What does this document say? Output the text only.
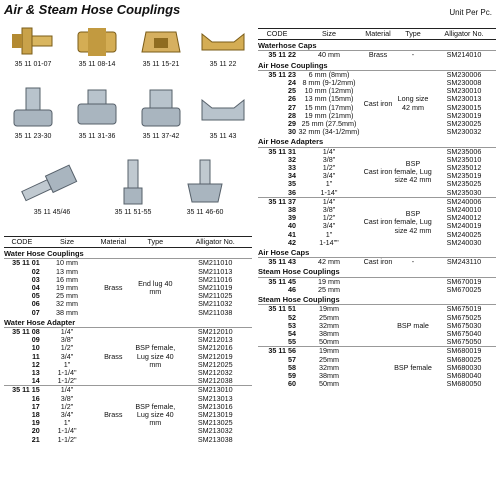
Air & Steam Hose Couplings	Unit Per Pc.
35 11 01-07	35 11 08-14	35 11 15-21	35 11 22
35 11 23-30	35 11 31-36	35 11 37-42	35 11 43
35 11 45/46	35 11 51-55	35 11 46-60
CODE	Size	Material	Type	Alligator No.
Water Hose Couplings				
35 11 01	10 mm	Brass	End lug 40 mm	SM211010
02	13 mm			SM211013
03	16 mm			SM211016
04	19 mm			SM211019
05	25 mm			SM211025
06	32 mm			SM211032
07	38 mm			SM211038
Water Hose Adapter				
35 11 08	1/4"	Brass	BSP female, Lug size 40 mm	SM212010
09	3/8"			SM212013
10	1/2"			SM212016
11	3/4"			SM212019
12	1"			SM212025
13	1-1/4"			SM212032
14	1-1/2"			SM212038
35 11 15	1/4"	Brass	BSP female, Lug size 40 mm	SM213010
16	3/8"			SM213013
17	1/2"			SM213016
18	3/4"			SM213019
19	1"			SM213025
20	1-1/4"			SM213032
21	1-1/2"			SM213038
CODE	Size	Material	Type	Alligator No.
Waterhose Caps				
35 11 22	40 mm	Brass	-	SM214010
Air Hose Couplings				
35 11 23	6 mm (8mm)	Cast iron	Long size 42 mm	SM230006
24	8 mm (9-1/2mm)			SM230008
25	10 mm (12mm)			SM230010
26	13 mm (15mm)			SM230013
27	15 mm (17mm)			SM230015
28	19 mm (21mm)			SM230019
29	25 mm (27.5mm)			SM230025
30	32 mm (34-1/2mm)			SM230032
Air Hose Adapters				
35 11 31	1/4"	Cast iron	BSP female, Lug size 42 mm	SM235006
32	3/8"			SM235010
33	1/2"			SM235012
34	3/4"			SM235019
35	1"			SM235025
36	1-14"			SM235030
35 11 37	1/4"	Cast iron	BSP female, Lug size 42 mm	SM240006
38	3/8"			SM240010
39	1/2"			SM240012
40	3/4"			SM240019
41	1"			SM240025
42	1-14""			SM240030
Air Hose Caps				
35 11 43	42 mm	Cast iron	-	SM243110
Steam Hose Couplings				
35 11 45	19 mm			SM670019
46	25 mm			SM670025
Steam Hose Couplings				
35 11 51	19mm		BSP male	SM675019
52	25mm			SM675025
53	32mm			SM675030
54	38mm			SM675040
55	50mm			SM675050
35 11 56	19mm		BSP female	SM680019
57	25mm			SM680025
58	32mm			SM680030
59	38mm			SM680040
60	50mm			SM680050
